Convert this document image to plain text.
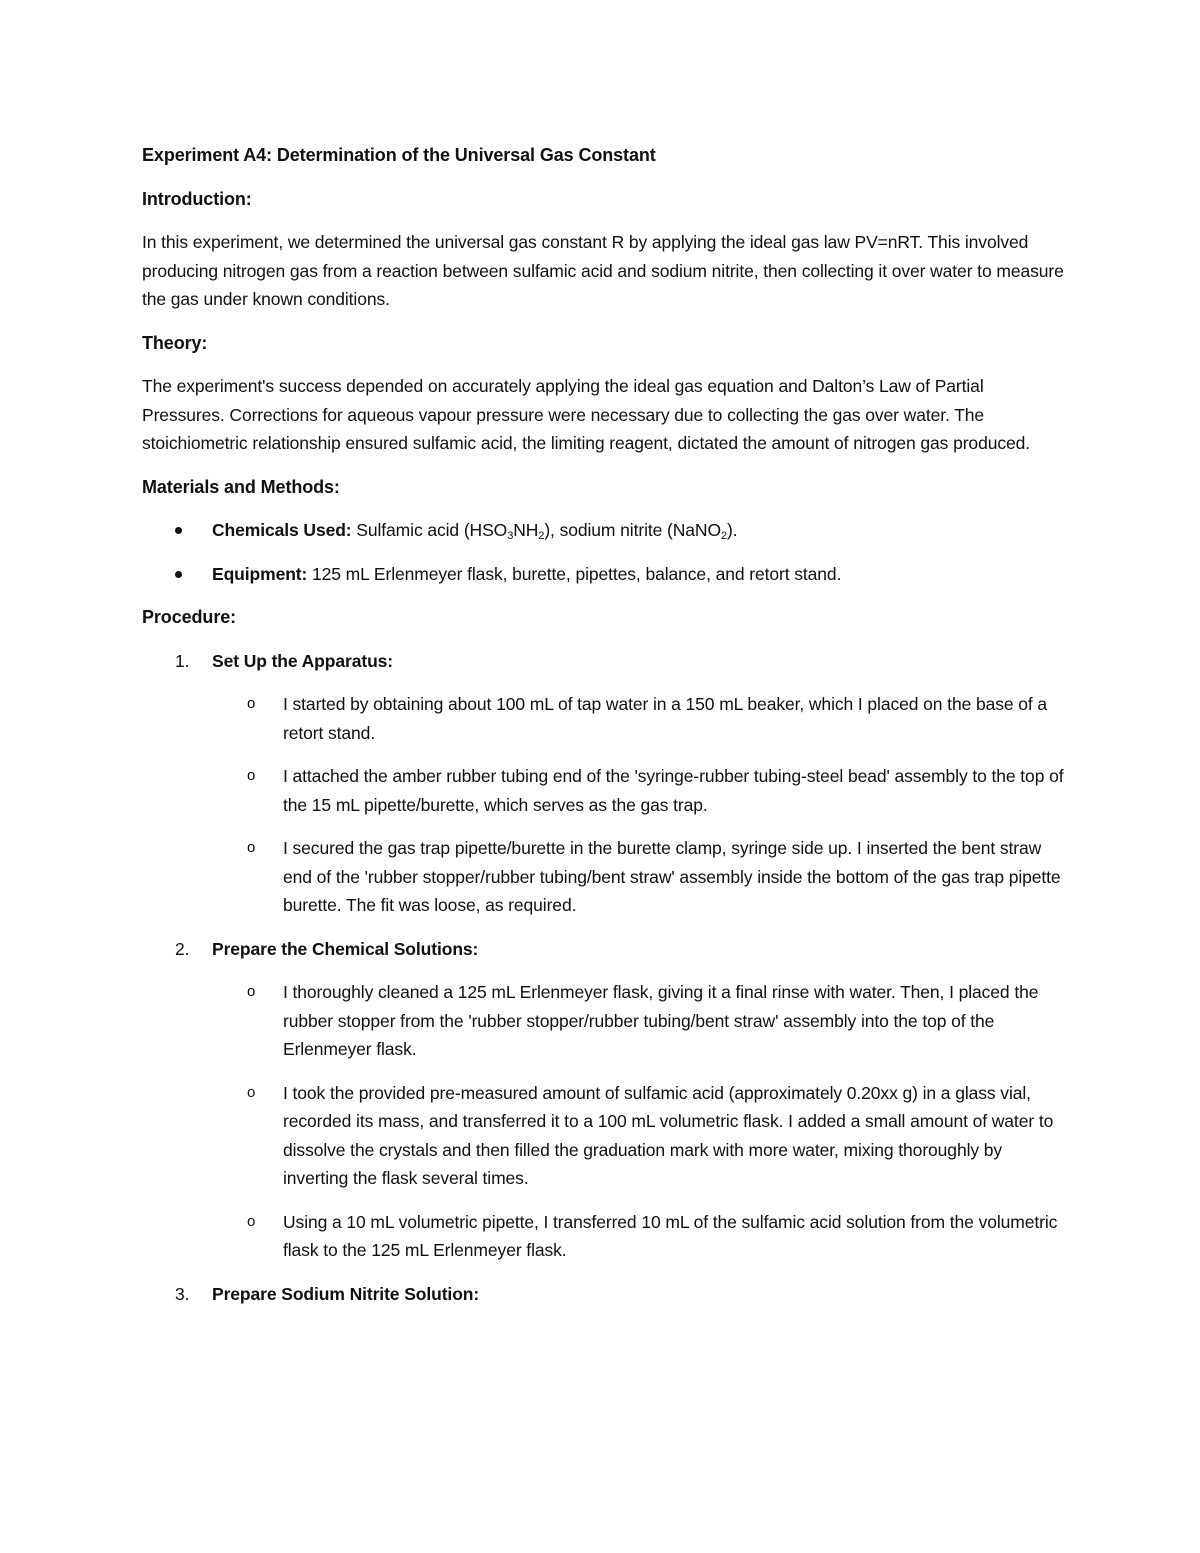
Experiment A4: Determination of the Universal Gas Constant
Introduction:
In this experiment, we determined the universal gas constant R by applying the ideal gas law PV=nRT. This involved producing nitrogen gas from a reaction between sulfamic acid and sodium nitrite, then collecting it over water to measure the gas under known conditions.
Theory:
The experiment's success depended on accurately applying the ideal gas equation and Dalton’s Law of Partial Pressures. Corrections for aqueous vapour pressure were necessary due to collecting the gas over water. The stoichiometric relationship ensured sulfamic acid, the limiting reagent, dictated the amount of nitrogen gas produced.
Materials and Methods:
Chemicals Used: Sulfamic acid $(HSO_3NH_2)$, sodium nitrite (NaNO$_2$).
Equipment: 125 mL Erlenmeyer flask, burette, pipettes, balance, and retort stand.
Procedure:
1. Set Up the Apparatus:
o I started by obtaining about 100 mL of tap water in a 150 mL beaker, which I placed on the base of a retort stand.
o I attached the amber rubber tubing end of the 'syringe-rubber tubing-steel bead' assembly to the top of the 15 mL pipette/burette, which serves as the gas trap.
o I secured the gas trap pipette/burette in the burette clamp, syringe side up. I inserted the bent straw end of the 'rubber stopper/rubber tubing/bent straw' assembly inside the bottom of the gas trap pipette burette. The fit was loose, as required.
2. Prepare the Chemical Solutions:
o I thoroughly cleaned a 125 mL Erlenmeyer flask, giving it a final rinse with water. Then, I placed the rubber stopper from the 'rubber stopper/rubber tubing/bent straw' assembly into the top of the Erlenmeyer flask.
o I took the provided pre-measured amount of sulfamic acid (approximately 0.20xx g) in a glass vial, recorded its mass, and transferred it to a 100 mL volumetric flask. I added a small amount of water to dissolve the crystals and then filled the graduation mark with more water, mixing thoroughly by inverting the flask several times.
o Using a 10 mL volumetric pipette, I transferred 10 mL of the sulfamic acid solution from the volumetric flask to the 125 mL Erlenmeyer flask.
3. Prepare Sodium Nitrite Solution:
